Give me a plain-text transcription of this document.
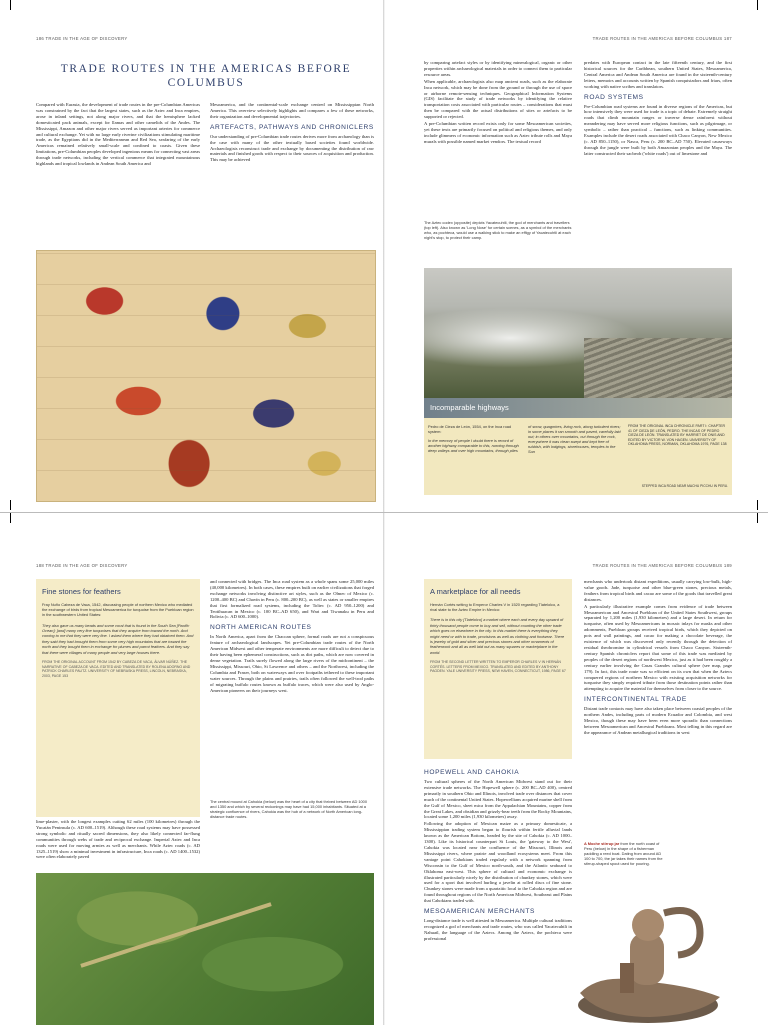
186 TRADE IN THE AGE OF DISCOVERY	TRADE ROUTES IN THE AMERICAS BEFORE COLUMBUS 187
TRADE ROUTES IN THE AMERICAS BEFORE COLUMBUS

Compared with Eurasia, the development of trade routes in the pre-Columbian Americas was constrained by the fact that the largest states, such as the Aztec and Inca empires, arose in inland settings, not along major rivers, and that the hemisphere lacked domesticated pack animals, except for llamas and other camelids of the Andes. The Mississippi, Amazon and other major rivers served as important arteries for commerce and cultural exchange. Yet with no large early riverine civilizations stimulating maritime trade, as the Egyptians did in the Mediterranean and Red Sea, seafaring of the early Americas remained relatively small-scale and confined to coasts. Given these limitations, pre-Columbian peoples developed ingenious means for connecting vast areas through trade networks, including the vertical commerce that integrated mountainous highlands and tropical lowlands in Andean South America and

Mesoamerica, and the continental-scale exchange centred on Mississippian North America. This overview selectively highlights and compares a few of these networks, their organization and developmental trajectories.

ARTEFACTS, PATHWAYS AND CHRONICLERS

Our understanding of pre-Columbian trade routes derives more from archaeology than is the case with many of the other textually based societies found worldwide. Archaeologists reconstruct trade and exchange by documenting the distribution of raw materials and finished goods with respect to their sources of acquisition and production. This may be achieved

by comparing artefact styles or by identifying mineralogical, organic or other properties within archaeological materials in order to connect them to particular resource areas.

When applicable, archaeologists also map ancient roads, such as the elaborate Inca network, which may be done from the ground or through the use of space or airborne remote-sensing techniques. Geographical Information Systems (GIS) facilitate the study of trade networks by identifying the relative transportation costs associated with particular routes – considerations that must then be compared with the actual distributions of sites or artefacts to be supported or rejected.

A pre-Columbian written record exists only for some Mesoamerican societies, yet these texts are primarily focused on political and religious themes, and only include glimmers of economic information such as Aztec tribute rolls and Maya murals with possible named market vendors. The textual record

The Aztec codex (opposite) depicts Yacatecuhtli, the god of merchants and travellers (top left). Also known as 'Long Nose' for certain scenes, as a symbol of the merchants who, as pochteca, would use a walking stick to make an effigy of Yacatecuhtli at each night's stop, to protect their camp.

predates with European contact in the late fifteenth century, and the first historical sources for the Caribbean, southern United States, Mesoamerica, Central America and Andean South America are found in the sixteenth-century letters, memoirs and accounts written by Spanish conquistadors and friars, often working with native scribes and translators.

ROAD SYSTEMS

Pre-Columbian road systems are found in diverse regions of the Americas, but how intensively they were used for trade is a topic of debate. Extremely straight roads that climb mountain ranges or traverse dense rainforest without meandering may have served more religious functions, such as pilgrimage, or symbolic – rather than practical – functions, such as linking communities. Examples include the desert roads associated with Chaco Canyon, New Mexico (c. AD 850–1150), or Nasca, Peru (c. 200 BC–AD 750). Elevated causeways through the jungle were built by both Amazonian peoples and the Maya. The latter constructed their sacbeob ('white roads') out of limestone and

Incomparable highways
Pedro de Cieza de León, 1554, on the Inca road system:
In the memory of people I doubt there is record of another highway comparable to this, running through deep valleys and over high mountains, through piles
of snow, quagmires, living rock, along turbulent rivers; in some places it ran smooth and paved, carefully laid out; in others over mountains, cut through the rock, everywhere it was clean swept and kept free of rubbish, with lodgings, storehouses, temples to the Sun
FROM THE ORIGINAL INCA CHRONICLE PART I: CHAPTER 41 OF CIEZA DE LEÓN, PEDRO. THE INCAS OF PEDRO CIEZA DE LEÓN. TRANSLATED BY HARRIET DE ONIS AND EDITED BY VICTOR W. VON HAGEN. UNIVERSITY OF OKLAHOMA PRESS, NORMAN, OKLAHOMA 1976, PAGE 138
STEPPED INCA ROAD NEAR MACHU PICCHU IN PERU.
188 TRADE IN THE AGE OF DISCOVERY	TRADE ROUTES IN THE AMERICAS BEFORE COLUMBUS 189
Fine stones for feathers
Fray Nuño Cabeza de Vaca, 1542, discussing people of northern Mexico who mediated the exchange of birds from tropical Mesoamerica for turquoise from the Puebloan region in the southwestern United States:
They also gave us many beads and some coral that is found in the South Sea [Pacific Ocean]; [and] many very fine turquoises that they acquire from toward the north. And coming to me that they were very fine. I asked them where they had obtained them. And they said they had brought them from some very high mountains that are toward the north and they bought them in exchange for plumes and parrot feathers. And they say that there were villages of many people and very large houses there.
FROM THE ORIGINAL ACCOUNT FROM 1542 BY CABEZA DE VACA, ÁLVAR NÚÑEZ. THE NARRATIVE OF CABEZA DE VACA. EDITED AND TRANSLATED BY ROLENA ADORNO AND PATRICK CHARLES PAUTZ. UNIVERSITY OF NEBRASKA PRESS, LINCOLN, NEBRASKA, 2003, PAGE 153

lime-plaster, with the longest examples cutting 62 miles (100 kilometres) through the Yucatán Peninsula (c. AD 600–1519). Although these road systems may have possessed strong symbolic and ritually sacred dimensions, they also likely connected far-flung communities through webs of trade and reciprocal exchange. Imperial Aztec and Inca roads were used for moving armies as well as merchants. While Aztec roads (c. AD 1325–1519) show a minimal investment in infrastructure, Inca roads (c. AD 1400–1532) were often elaborately paved

and connected with bridges. The Inca road system as a whole spans some 25,000 miles (40,000 kilometres). In both cases, these empires built on earlier civilizations that forged exchange networks involving distinctive art styles, such as the Olmec of Mexico (c. 1200–400 BC) and Chavín in Peru (c. 800–200 BC), as well as states or smaller empires that first formalized road systems, including the Toltec (c. AD 950–1200) and Teotihuacan in Mexico (c. 100 BC–AD 650), and Wari and Tiwanaku in Peru and Bolivia (c. AD 600–1000).

NORTH AMERICAN ROUTES

In North America, apart from the Chacoan sphere, formal roads are not a conspicuous feature of archaeological landscapes. Yet pre-Columbian trade routes of the North American Midwest and other temperate environments are more difficult to detect due to their having been ephemeral constructions, such as dirt paths, which are now covered in dense vegetation. Trails surely flowed along the large rivers of the midcontinent – the Mississippi, Missouri, Ohio, St Lawrence and others – and the Northwest, including the Columbia and Fraser, both on waterways and over footpaths tethered to these important water sources. Through the plains and prairies, trails often followed the well-trod paths of migrating buffalo routes known as buffalo traces, which were also used by Anglo-American pioneers on their journeys west.

The central mound at Cahokia (below) was the heart of a city that thrived between AD 1000 and 1350 and which by several reckonings may have had 15,000 inhabitants. Situated at a strategic confluence of rivers, Cahokia was the hub of a network of North American long-distance trade routes.
A marketplace for all needs
Hernán Cortés writing to Emperor Charles V in 1520 regarding Tlatelolco, a rival state to the Aztec Empire in Mexico:
There is in this city [Tlatelolco] a market where each and every day upward of thirty thousand people come to buy and sell, without counting the other trade which goes on elsewhere in the city. In this market there is everything they might need or with to trade, provisions as well as clothing and footwear. There is jewelry of gold and silver and precious stones and other ornaments of featherwork and all as well laid out as many squares or marketplace in the world.
FROM THE SECOND LETTER WRITTEN TO EMPEROR CHARLES V IN HERNÁN CORTÉS. LETTERS FROM MEXICO. TRANSLATED AND EDITED BY ANTHONY PAGDEN. YALE UNIVERSITY PRESS, NEW HAVEN, CONNECTICUT, 1986, PAGE 67
HOPEWELL AND CAHOKIA

Two cultural spheres of the North American Midwest stand out for their extensive trade networks. The Hopewell sphere (c. 200 BC–AD 400), centred primarily in southern Ohio and Illinois, involved trade over distances that cover much of the continental United States. Hopewellians acquired marine shell from the Gulf of Mexico, sheet mica from the Appalachian Mountains, copper from the Great Lakes, and obsidian and grizzly-bear teeth from the Rocky Mountains, located some 1,200 miles (1,930 kilometres) away.

Following the adoption of Mexican maize as a primary domesticate, a Mississippian trading system began to flourish within fertile alluvial lands known as the American Bottom, headed by the site of Cahokia (c. AD 1000–1300). Like its historical counterpart St Louis, the 'gateway to the West', Cahokia was located near the confluence of the Missouri, Illinois and Mississippi rivers, where prairie and woodland ecosystems meet. From this vantage point Cahokians traded regularly with a network spanning from Wisconsin to the Gulf of Mexico north-south, and the Atlantic seaboard to Oklahoma east-west. This sphere of cultural and economic exchange is illustrated particularly nicely by the distribution of chunkey stones, which were used for a sport that involved hurling a javelin at rolled discs of fine stone. Chunkey stones were made from a quartzitic local to the Cahokia region and are found throughout regions of the North American Midwest, Southeast and Plains that Cahokians traded with.

MESOAMERICAN MERCHANTS

Long-distance trade is well attested in Mesoamerica. Multiple cultural traditions recognized a god of merchants and trade routes, who was called Yacatecuhtli in Nahuatl, the language of the Aztecs. Among the Aztecs, the pochteca were professional

merchants who undertook distant expeditions, usually carrying low-bulk, high-value goods. Jade, turquoise and other blue-green stones, precious metals, feathers from tropical birds and cacao are some of the goods that travelled great distances.

A particularly illustrative example comes from evidence of trade between Mesoamerican and Ancestral Puebloan of the United States Southwest, groups separated by 1,200 miles (1,930 kilometres) and a large desert. In return for turquoise, often used by Mesoamericans in mosaic inlays for masks and other adornments, Puebloan groups received tropical birds, which they depicted on pots and wall paintings, and cacao for making a chocolate beverage, the existence of which was discovered only recently through the detection of residual theobromine in cylindrical vessels from Chaco Canyon. Sixteenth-century Spanish chroniclers report that some of this trade was mediated by peoples of the desert regions of northwest Mexico, just as it had been roughly a century earlier involving the Casas Grandes cultural sphere (see map, page 179). In fact, this trade route was so efficient on its own that when the Aztecs conquered regions of northern Mexico with existing acquisition networks for turquoise they simply required tribute from those destination points rather than attempting to acquire the material for themselves from closer to the source.

INTERCONTINENTAL TRADE

Distant trade contacts may have also taken place between coastal peoples of the northern Andes, including parts of modern Ecuador and Colombia, and west Mexico, though these may have been even more sporadic than connections between Mesoamerican and Ancestral Puebloans. Most telling in this regard are the appearance of Andean metallurgical traditions in west

A Moche stirrup jar from the north coast of Peru (below) in the shape of a fisherman paddling a reed boat. Dating from around AD 100 to 700, the jar takes their names from the stirrup-shaped spout used for pouring.
